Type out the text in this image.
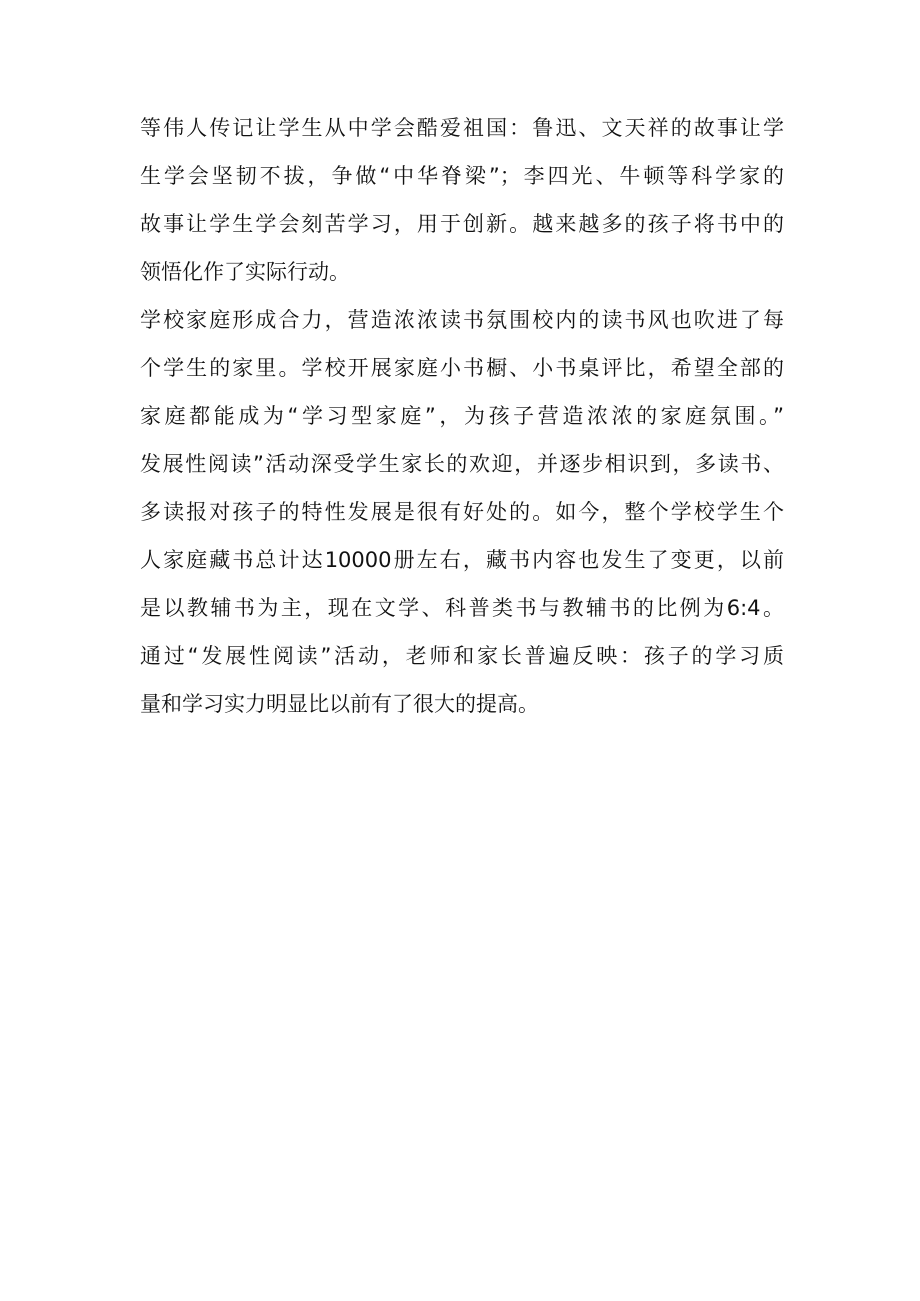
等伟人传记让学生从中学会酷爱祖国：鲁迅、文天祥的故事让学
生学会坚韧不拔，争做“中华脊梁”；李四光、牛顿等科学家的
故事让学生学会刻苦学习，用于创新。越来越多的孩子将书中的
领悟化作了实际行动。
学校家庭形成合力，营造浓浓读书氛围校内的读书风也吹进了每
个学生的家里。学校开展家庭小书橱、小书桌评比，希望全部的
家庭都能成为“学习型家庭”，为孩子营造浓浓的家庭氛围。”
发展性阅读”活动深受学生家长的欢迎，并逐步相识到，多读书、
多读报对孩子的特性发展是很有好处的。如今，整个学校学生个
人家庭藏书总计达10000册左右，藏书内容也发生了变更，以前
是以教辅书为主，现在文学、科普类书与教辅书的比例为6:4。
通过“发展性阅读”活动，老师和家长普遍反映：孩子的学习质
量和学习实力明显比以前有了很大的提高。
